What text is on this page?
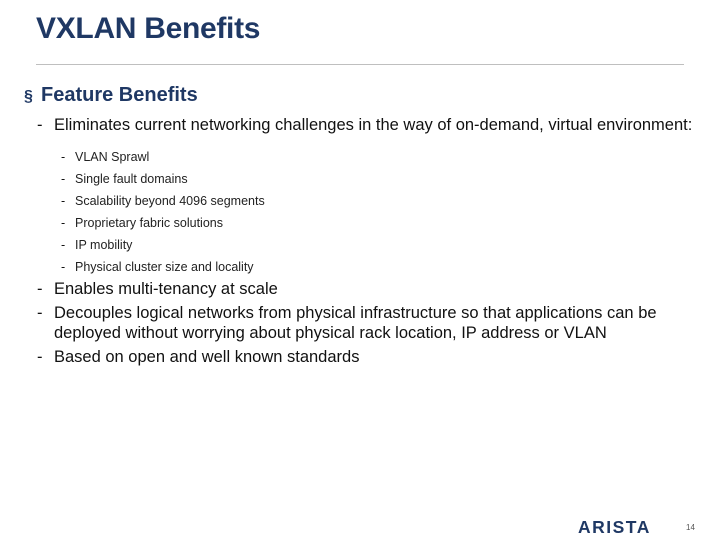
VXLAN Benefits
§ Feature Benefits
- Eliminates current networking challenges in the way of on-demand, virtual environment:
- VLAN Sprawl
- Single fault domains
- Scalability beyond 4096 segments
- Proprietary fabric solutions
- IP mobility
- Physical cluster size and locality
- Enables multi-tenancy at scale
- Decouples logical networks from physical infrastructure so that applications can be deployed without worrying about physical rack location, IP address or VLAN
- Based on open and well known standards
ARISTA	14
